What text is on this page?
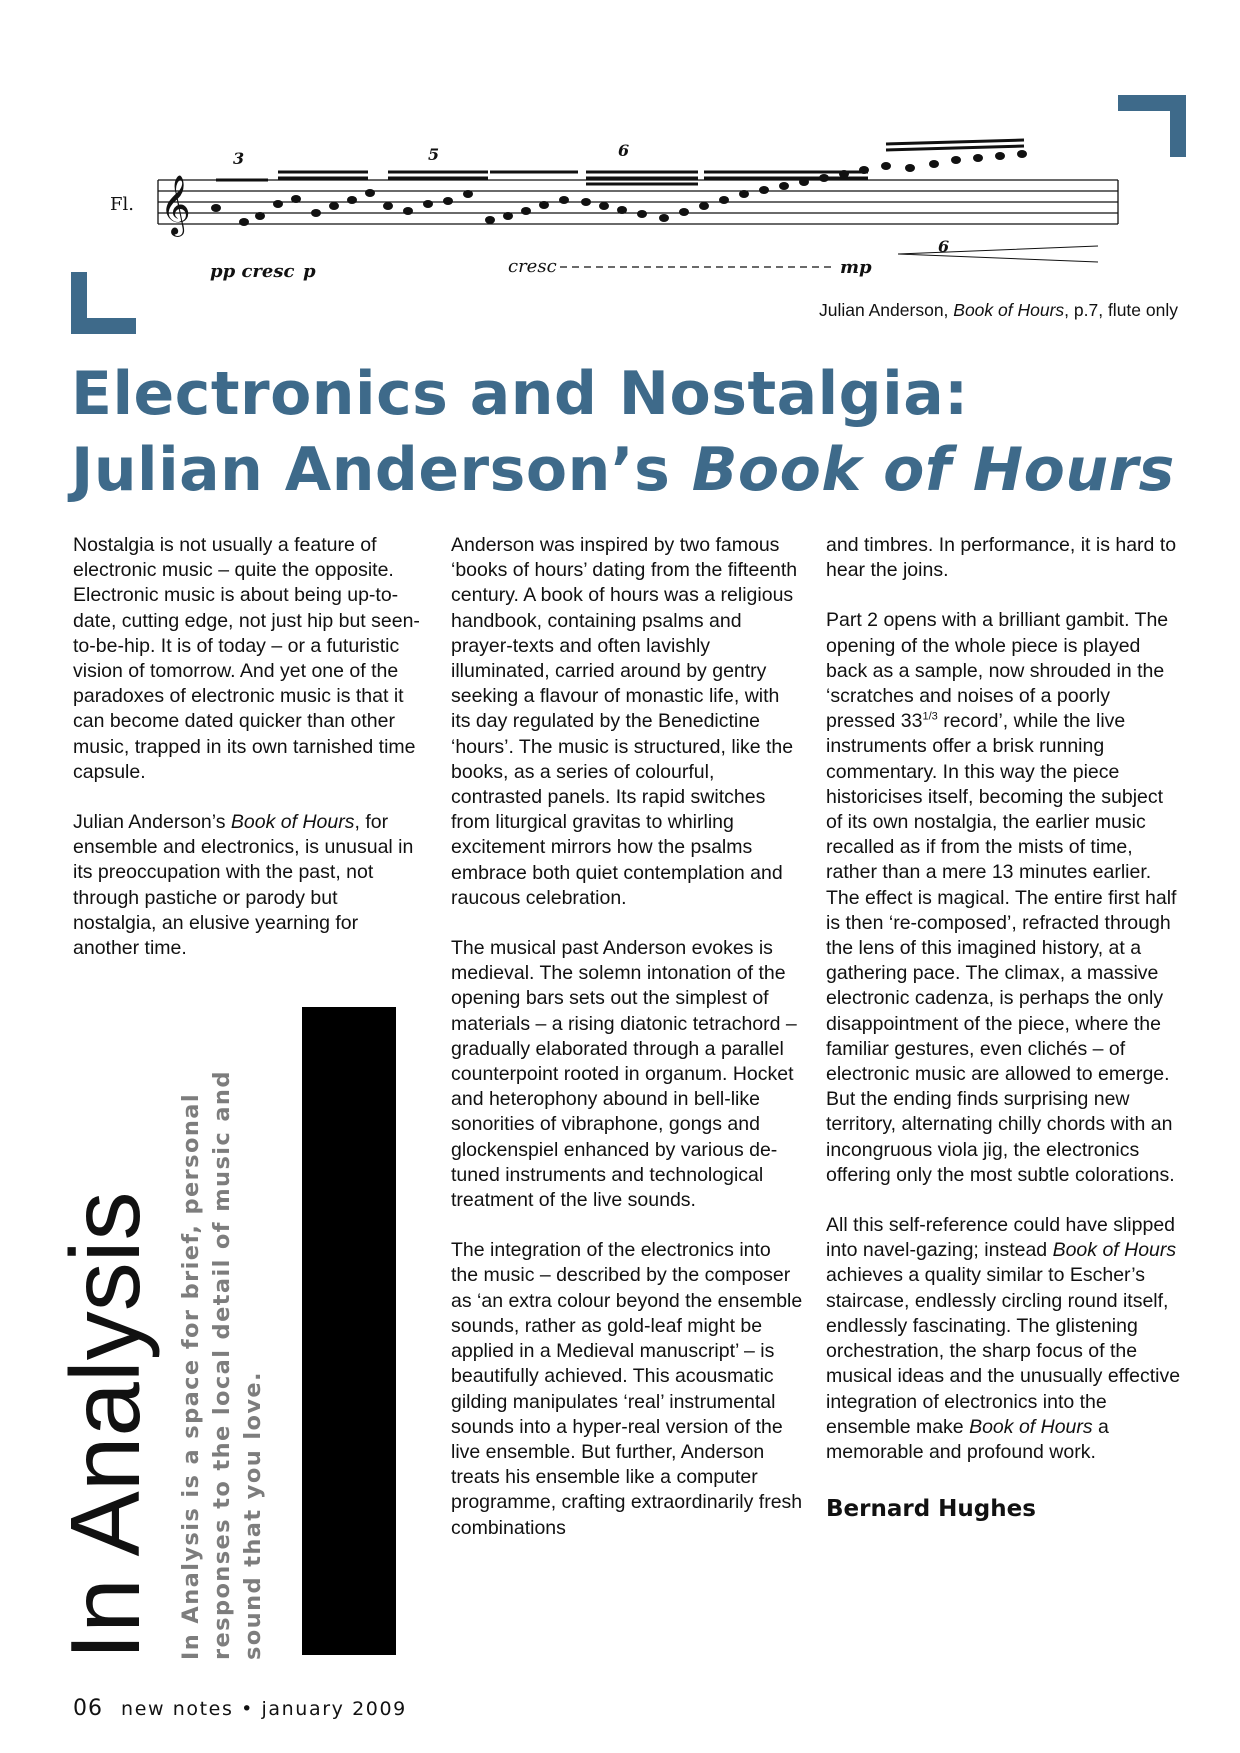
Fl. 𝄞
3	5	6
6
pp cresc p	cresc	mp
Julian Anderson, Book of Hours, p.7, flute only
Electronics and Nostalgia:
Julian Anderson’s Book of Hours

Nostalgia is not usually a feature of electronic music – quite the opposite. Electronic music is about being up-to-date, cutting edge, not just hip but seen-to-be-hip. It is of today – or a futuristic vision of tomorrow. And yet one of the paradoxes of electronic music is that it can become dated quicker than other music, trapped in its own tarnished time capsule.

Julian Anderson’s Book of Hours, for ensemble and electronics, is unusual in its preoccupation with the past, not through pastiche or parody but nostalgia, an elusive yearning for another time.

Anderson was inspired by two famous ‘books of hours’ dating from the fifteenth century. A book of hours was a religious handbook, containing psalms and prayer-texts and often lavishly illuminated, carried around by gentry seeking a flavour of monastic life, with its day regulated by the Benedictine ‘hours’. The music is structured, like the books, as a series of colourful, contrasted panels. Its rapid switches from liturgical gravitas to whirling excitement mirrors how the psalms embrace both quiet contemplation and raucous celebration.

The musical past Anderson evokes is medieval. The solemn intonation of the opening bars sets out the simplest of materials – a rising diatonic tetrachord – gradually elaborated through a parallel counterpoint rooted in organum. Hocket and heterophony abound in bell-like sonorities of vibraphone, gongs and glockenspiel enhanced by various de-tuned instruments and technological treatment of the live sounds.

The integration of the electronics into the music – described by the composer as ‘an extra colour beyond the ensemble sounds, rather as gold-leaf might be applied in a Medieval manuscript’ – is beautifully achieved. This acousmatic gilding manipulates ‘real’ instrumental sounds into a hyper-real version of the live ensemble. But further, Anderson treats his ensemble like a computer programme, crafting extraordinarily fresh combinations

and timbres. In performance, it is hard to hear the joins.

Part 2 opens with a brilliant gambit. The opening of the whole piece is played back as a sample, now shrouded in the ‘scratches and noises of a poorly pressed $33^{1/3}$ record’, while the live instruments offer a brisk running commentary. In this way the piece historicises itself, becoming the subject of its own nostalgia, the earlier music recalled as if from the mists of time, rather than a mere 13 minutes earlier. The effect is magical. The entire first half is then ‘re-composed’, refracted through the lens of this imagined history, at a gathering pace. The climax, a massive electronic cadenza, is perhaps the only disappointment of the piece, where the familiar gestures, even clichés – of electronic music are allowed to emerge. But the ending finds surprising new territory, alternating chilly chords with an incongruous viola jig, the electronics offering only the most subtle colorations.

All this self-reference could have slipped into navel-gazing; instead Book of Hours achieves a quality similar to Escher’s staircase, endlessly circling round itself, endlessly fascinating. The glistening orchestration, the sharp focus of the musical ideas and the unusually effective integration of electronics into the ensemble make Book of Hours a memorable and profound work.

Bernard Hughes
In Analysis In Analysis is a space for brief, personal responses to the local detail of music and sound that you love.
06 new notes • january 2009
